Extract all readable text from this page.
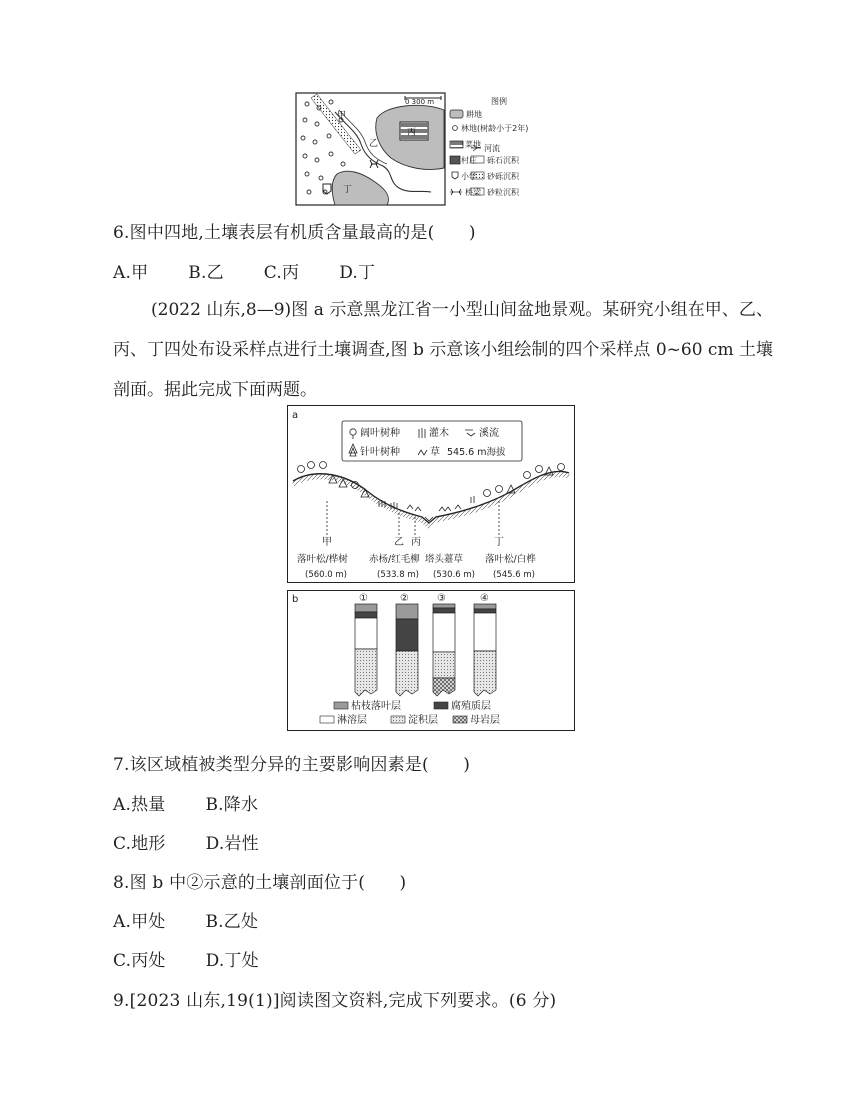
0 300 m
甲
乙
丙
丁
图例
耕地
林地(树龄小于2年)
菜地 河流
村庄 砾石沉积
小学 砂砾沉积
桥梁 砂粒沉积
6.图中四地,土壤表层有机质含量最高的是(　　)
A.甲　　 B.乙　　 C.丙　　 D.丁

(2022 山东,8—9)图 a 示意黑龙江省一小型山间盆地景观。某研究小组在甲、乙、丙、丁四处布设采样点进行土壤调查,图 b 示意该小组绘制的四个采样点 0~60 cm 土壤剖面。据此完成下面两题。

a
阔叶树种	灌木	溪流
针叶树种	草 545.6 m海拔
甲	乙 丙	丁
落叶松/桦树 赤杨/红毛柳 塔头薹草 落叶松/白桦
(560.0 m)	(533.8 m) (530.6 m) (545.6 m)
b	①	②	③	④
枯枝落叶层	腐殖质层
淋溶层	淀积层	母岩层
7.该区域植被类型分异的主要影响因素是(　　)
A.热量　　 B.降水
C.地形　　 D.岩性
8.图 b 中②示意的土壤剖面位于(　　)
A.甲处　　 B.乙处
C.丙处　　 D.丁处
9.[2023 山东,19(1)]阅读图文资料,完成下列要求。(6 分)
